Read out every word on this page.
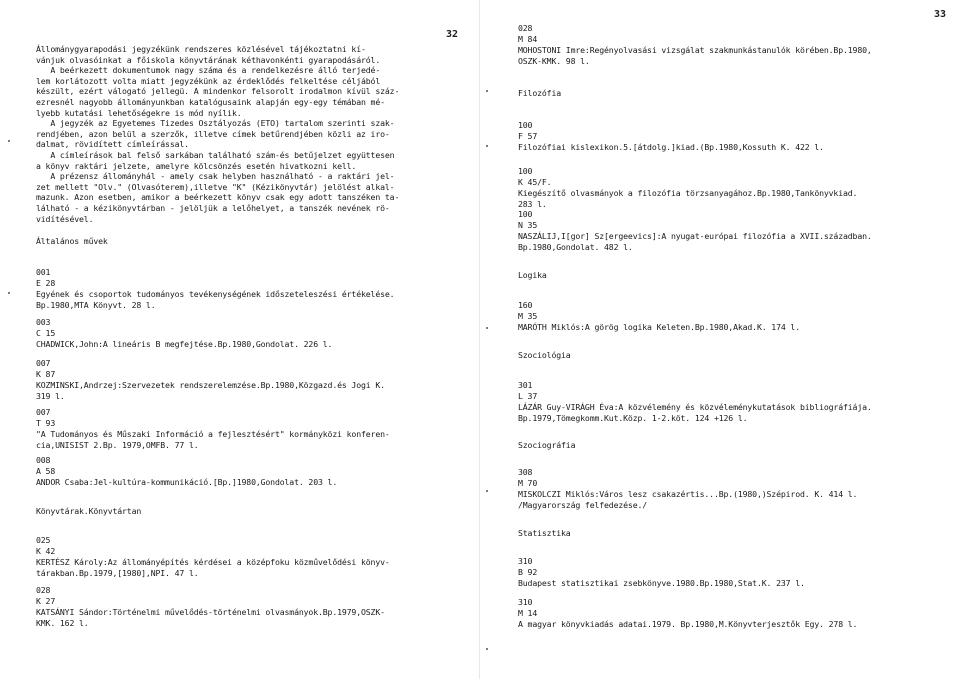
32

Állománygyarapodási jegyzékünk rendszeres közlésével tájékoztatni kí-

vánjuk olvasóinkat a főiskola könyvtárának kéthavonkénti gyarapodásáról.

A beérkezett dokumentumok nagy száma és a rendelkezésre álló terjedé-

lem korlátozott volta miatt jegyzékünk az érdeklődés felkeltése céljából

készült, ezért válogató jellegü. A mindenkor felsorolt irodalmon kívül száz-

ezresnél nagyobb állományunkban katalógusaink alapján egy-egy témában mé-

lyebb kutatási lehetőségekre is mód nyílik.

A jegyzék az Egyetemes Tizedes Osztályozás (ETO) tartalom szerinti szak-

rendjében, azon belül a szerzők, illetve címek betűrendjében közli az iro-

dalmat, rövidített címleírással.

A címleírások bal felső sarkában található szám-és betűjelzet együttesen

a könyv raktári jelzete, amelyre kölcsönzés esetén hivatkozni kell.

A prézensz állományhál - amely csak helyben használható - a raktári jel-

zet mellett "Olv." (Olvasóterem),illetve "K" (Kézikönyvtár) jelölést alkal-

mazunk. Azon esetben, amikor a beérkezett könyv csak egy adott tanszéken ta-

lálható - a kézikönyvtárban - jelöljük a lelőhelyet, a tanszék nevének rö-

vidítésével.

Általános művek
001
E 28
Egyének és csoportok tudományos tevékenységének időszeteleszési értékelése.
Bp.1980,MTA Könyvt. 28 l.
003
C 15
CHADWICK,John:A lineáris B megfejtése.Bp.1980,Gondolat. 226 l.
007
K 87
KOZMINSKI,Andrzej:Szervezetek rendszerelemzése.Bp.1980,Közgazd.és Jogi K.
319 l.
007
T 93
"A Tudományos és Műszaki Információ a fejlesztésért" kormányközi konferen-
cia,UNISIST 2.Bp. 1979,OMFB. 77 l.
008
A 58
ANDOR Csaba:Jel-kultúra-kommunikáció.[Bp.]1980,Gondolat. 203 l.
Könyvtárak.Könyvtártan
025
K 42
KERTÉSZ Károly:Az állományépítés kérdései a középfoku közművelődési könyv-
tárakban.Bp.1979,[1980],NPI. 47 l.
028
K 27
KATSÁNYI Sándor:Történelmi művelődés-történelmi olvasmányok.Bp.1979,OSZK-
KMK. 162 l.
33
028
M 84
MOHOSTONI Imre:Regényolvasási vizsgálat szakmunkástanulók körében.Bp.1980,
OSZK-KMK. 98 l.
Filozófia
100
F 57
Filozófiai kislexikon.5.[átdolg.]kiad.(Bp.1980,Kossuth K. 422 l.
100
K 45/F.
Kiegészítő olvasmányok a filozófia törzsanyagához.Bp.1980,Tankönyvkiad.
283 l.
100
N 35
NASZÁLIJ,I[gor] Sz[ergeevics]:A nyugat-európai filozófia a XVII.században.
Bp.1980,Gondolat. 482 l.
Logika
160
M 35
MARÓTH Miklós:A görög logika Keleten.Bp.1980,Akad.K. 174 l.
Szociológia
301
L 37
LÁZÁR Guy-VIRÁGH Éva:A közvélemény és közvéleménykutatások bibliográfiája.
Bp.1979,Tömegkomm.Kut.Közp. 1-2.köt. 124 +126 l.
Szociográfia
308
M 70
MISKOLCZI Miklós:Város lesz csakazértis...Bp.(1980,)Szépirod. K. 414 l.
/Magyarország felfedezése./
Statisztika
310
B 92
Budapest statisztikai zsebkönyve.1980.Bp.1980,Stat.K. 237 l.
310
M 14
A magyar könyvkiadás adatai.1979. Bp.1980,M.Könyvterjesztők Egy. 278 l.
